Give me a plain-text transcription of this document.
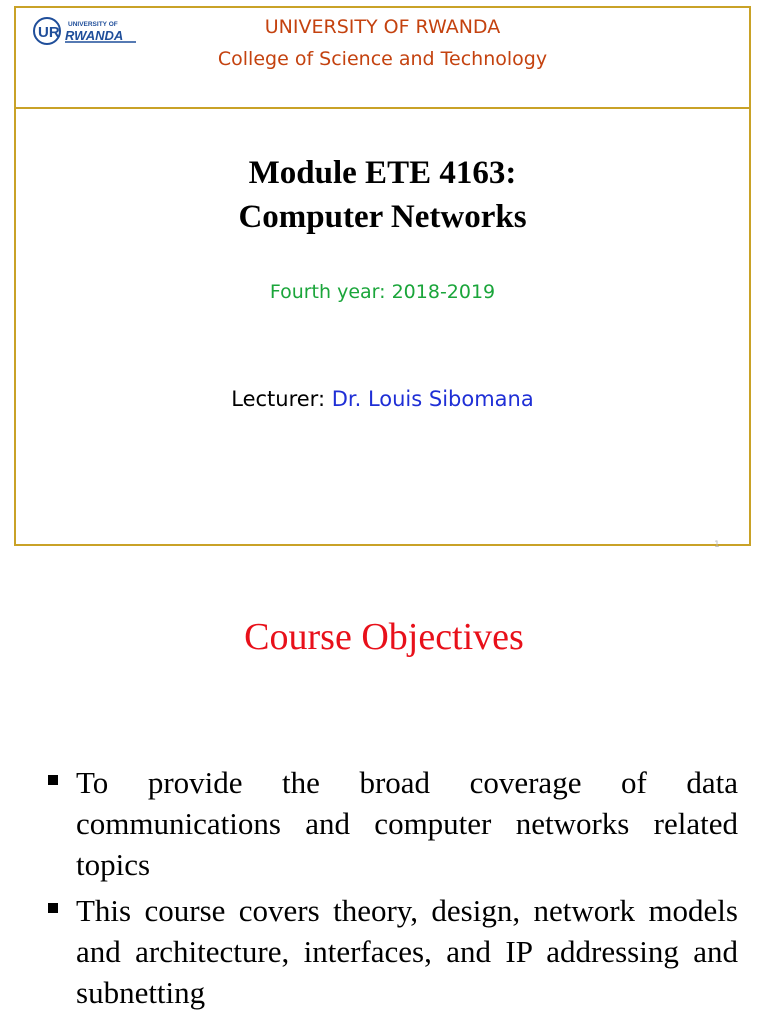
UR UNIVERSITY OF
RWANDA	UNIVERSITY OF RWANDA
College of Science and Technology
Module ETE 4163:
Computer Networks
Fourth year: 2018-2019
Lecturer: Dr. Louis Sibomana
1
Course Objectives
To provide the broad coverage of data communications and computer networks related topics
This course covers theory, design, network models and architecture, interfaces, and IP addressing and subnetting
